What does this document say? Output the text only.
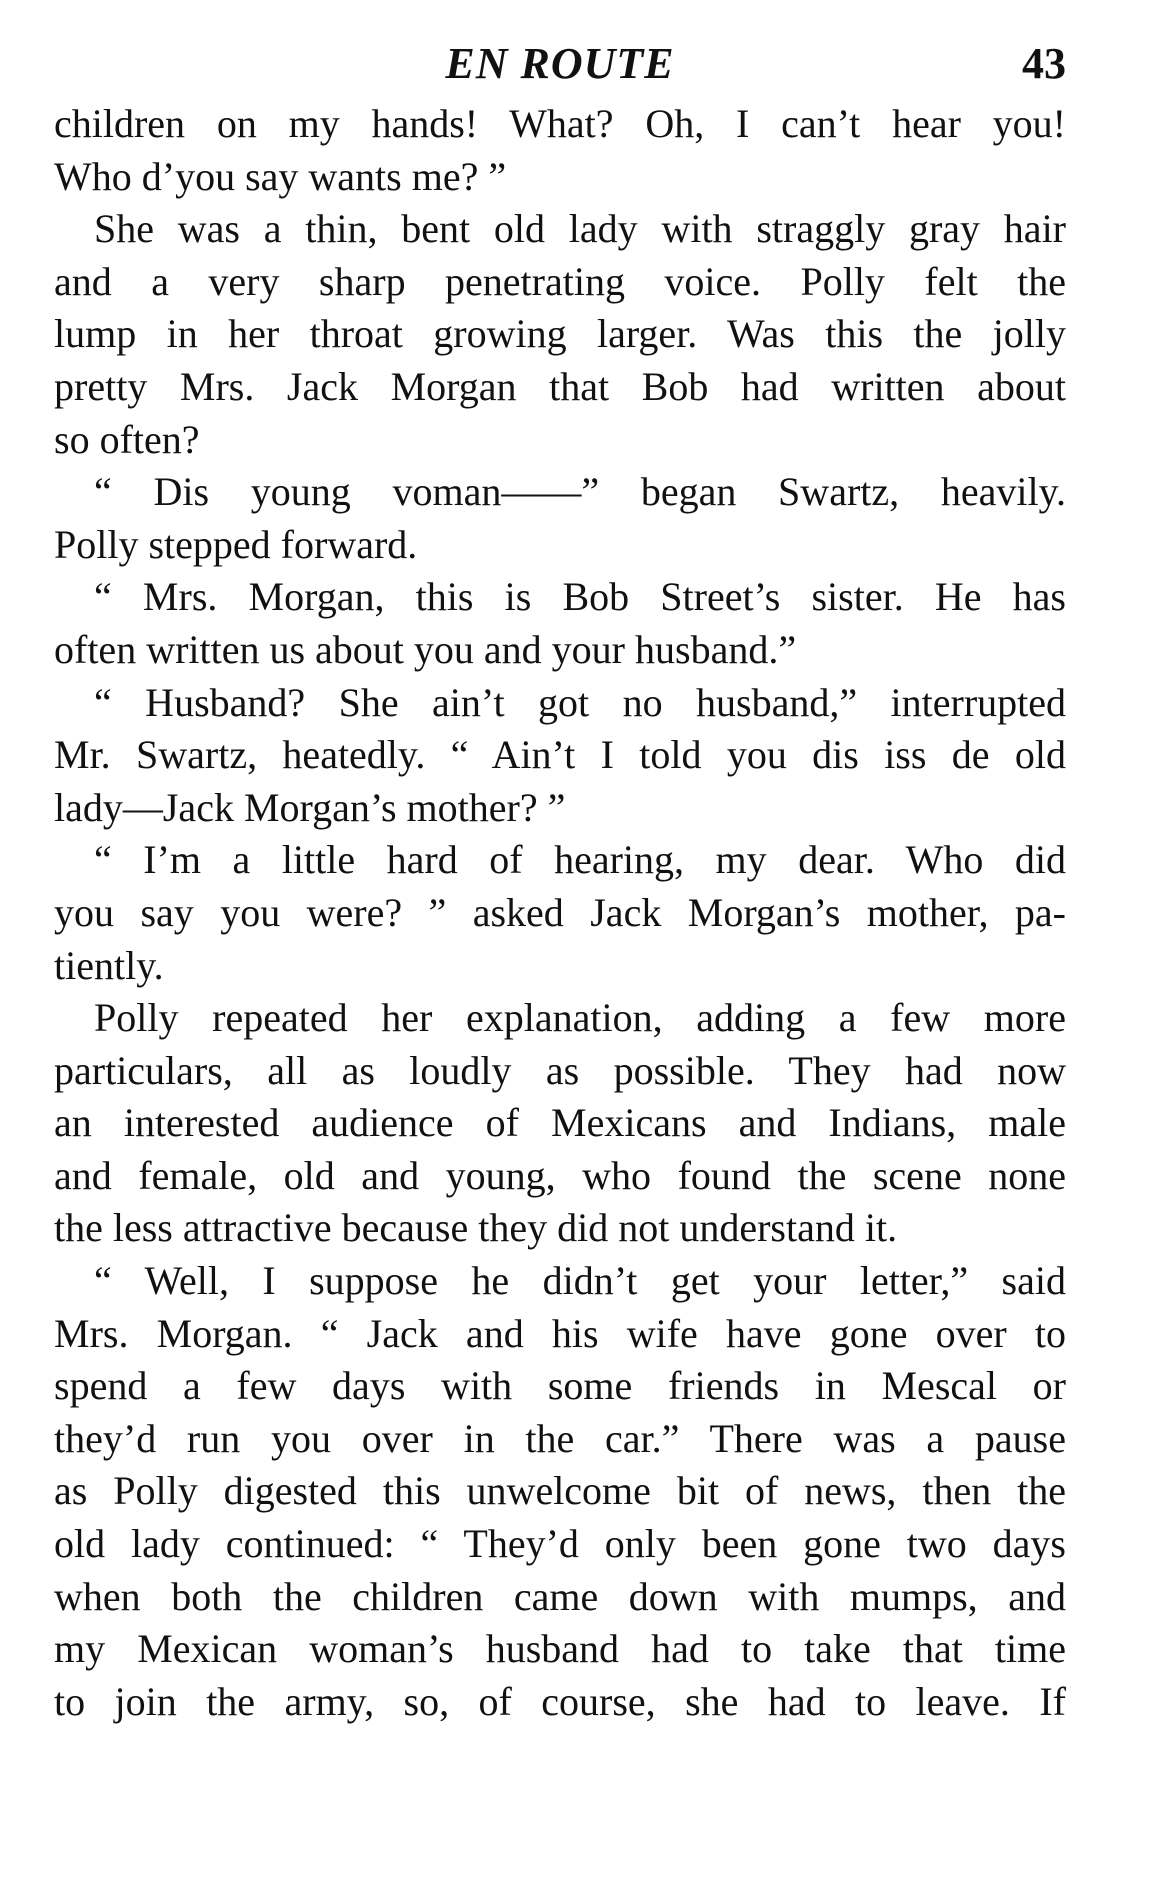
EN ROUTE	43
children on my hands! What? Oh, I can’t hear you!
Who d’you say wants me? ”
She was a thin, bent old lady with straggly gray hair
and a very sharp penetrating voice. Polly felt the
lump in her throat growing larger. Was this the jolly
pretty Mrs. Jack Morgan that Bob had written about
so often?
“ Dis young voman——” began Swartz, heavily.
Polly stepped forward.
“ Mrs. Morgan, this is Bob Street’s sister. He has
often written us about you and your husband.”
“ Husband? She ain’t got no husband,” interrupted
Mr. Swartz, heatedly. “ Ain’t I told you dis iss de old
lady—Jack Morgan’s mother? ”
“ I’m a little hard of hearing, my dear. Who did
you say you were? ” asked Jack Morgan’s mother, pa-
tiently.
Polly repeated her explanation, adding a few more
particulars, all as loudly as possible. They had now
an interested audience of Mexicans and Indians, male
and female, old and young, who found the scene none
the less attractive because they did not understand it.
“ Well, I suppose he didn’t get your letter,” said
Mrs. Morgan. “ Jack and his wife have gone over to
spend a few days with some friends in Mescal or
they’d run you over in the car.” There was a pause
as Polly digested this unwelcome bit of news, then the
old lady continued: “ They’d only been gone two days
when both the children came down with mumps, and
my Mexican woman’s husband had to take that time
to join the army, so, of course, she had to leave. If
